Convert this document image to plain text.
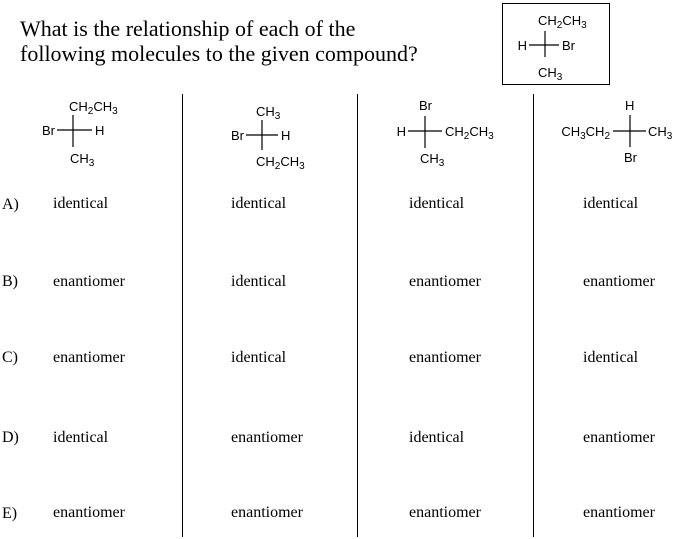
What is the relationship of each of the
following molecules to the given compound?
$CH_2CH_3$
H	Br
$CH_3$
$CH_2CH_3$
Br	H
$CH_3$
$CH_3$
Br	H
$CH_2CH_3$
Br
H	$CH_2CH_3$
$CH_3$
H
$CH_3CH_2$	$CH_3$
Br
A) identical	identical	identical	identical
B) enantiomer	identical	enantiomer	enantiomer
C) enantiomer	identical	enantiomer	identical
D) identical	enantiomer	identical	enantiomer
E) enantiomer	enantiomer	enantiomer	enantiomer
